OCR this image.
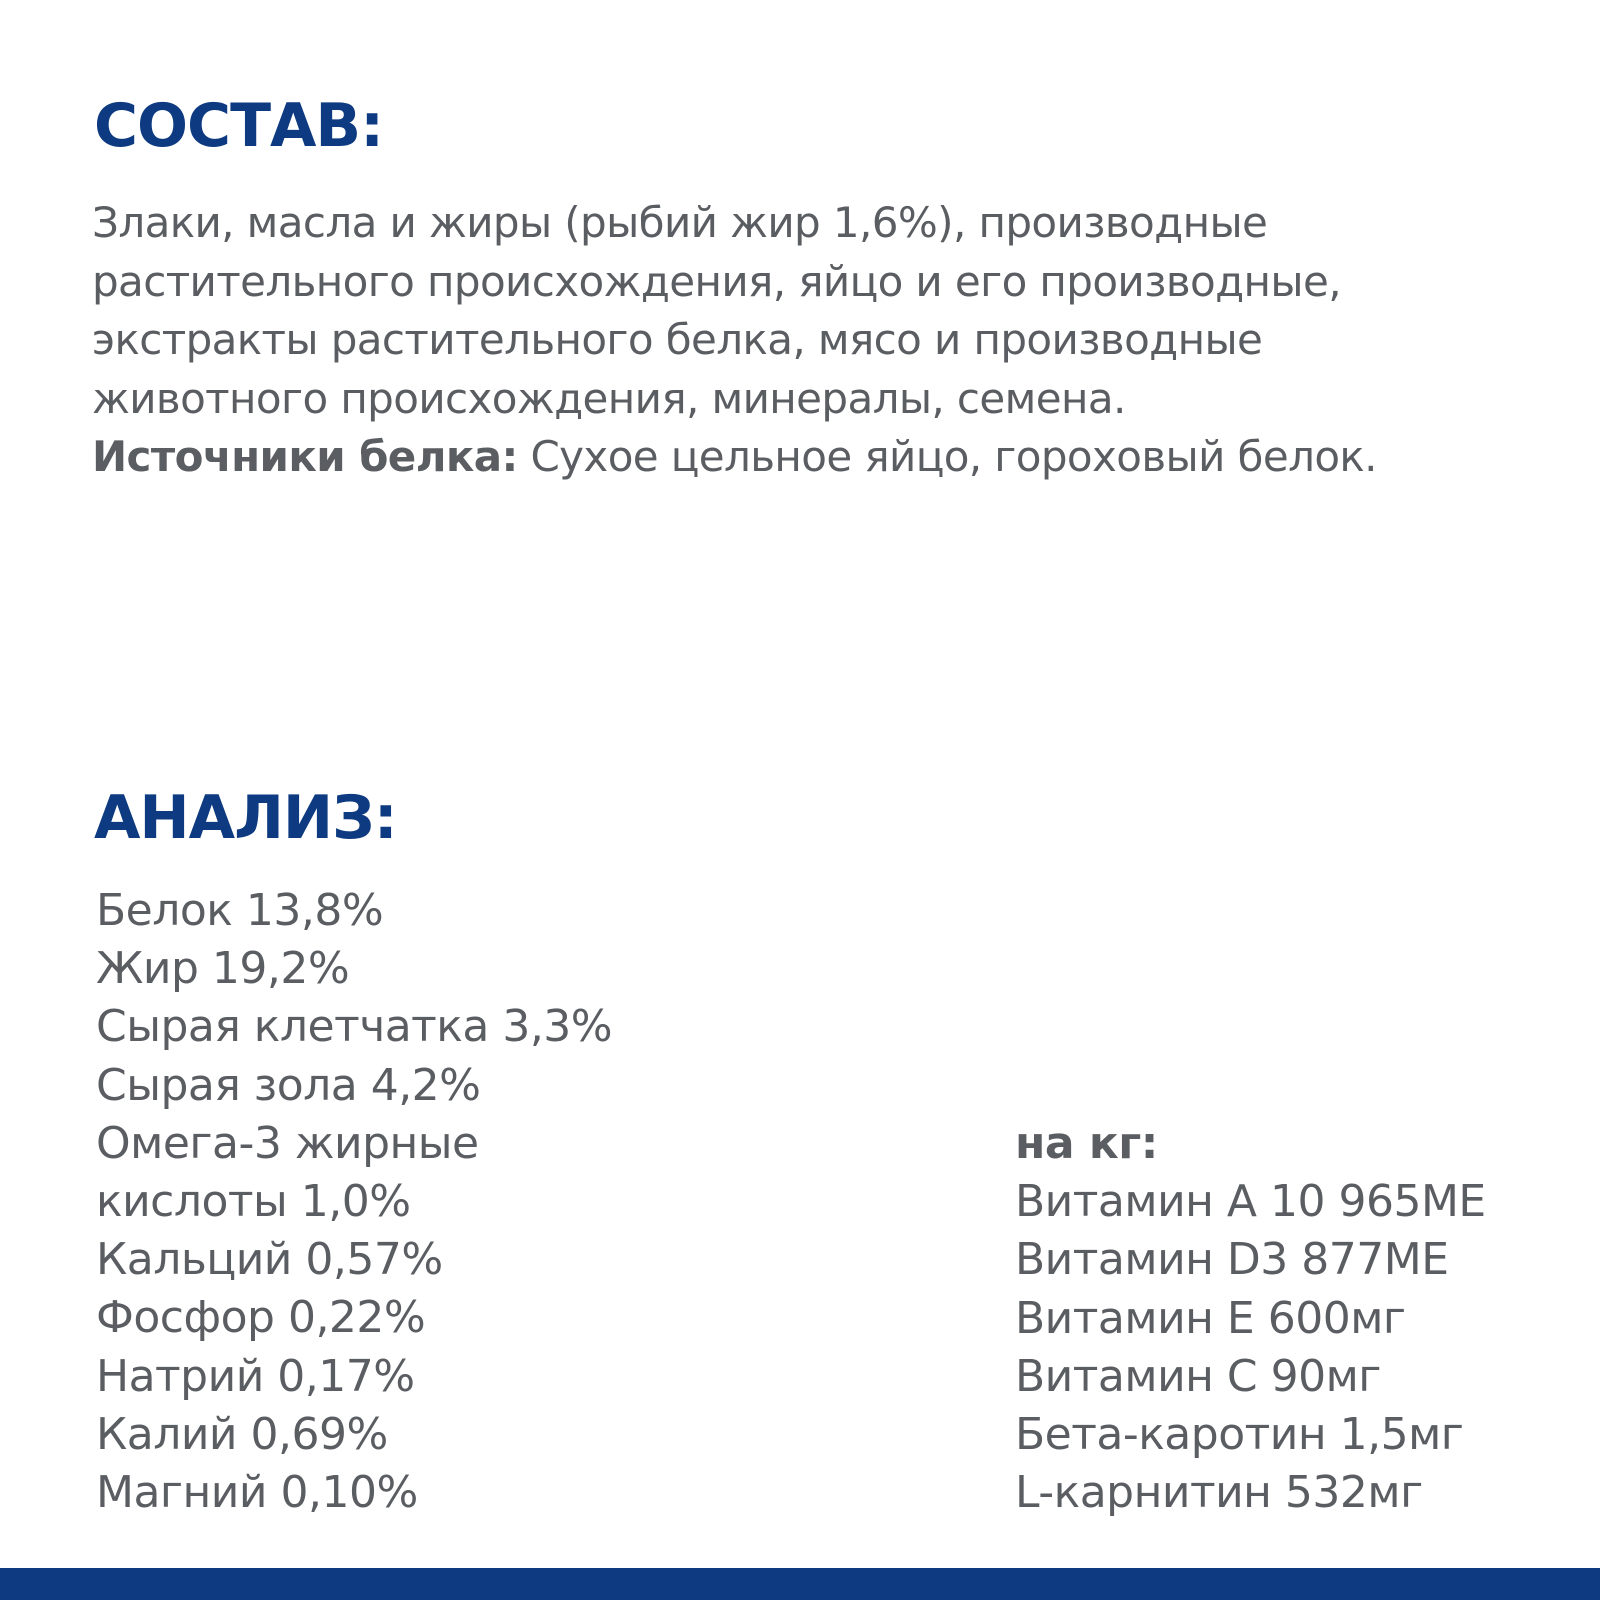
СОСТАВ:

Злаки, масла и жиры (рыбий жир 1,6%), производные
растительного происхождения, яйцо и его производные,
экстракты растительного белка, мясо и производные
животного происхождения, минералы, семена.
Источники белка: Сухое цельное яйцо, гороховый белок.

АНАЛИЗ:
Белок 13,8%
Жир 19,2%
Сырая клетчатка 3,3%
Сырая зола 4,2%
Омега-3 жирные
кислоты 1,0%
Кальций 0,57%
Фосфор 0,22%
Натрий 0,17%
Калий 0,69%
Магний 0,10%
на кг:
Витамин А 10 965МЕ
Витамин D3 877МЕ
Витамин Е 600мг
Витамин С 90мг
Бета-каротин 1,5мг
L-карнитин 532мг
